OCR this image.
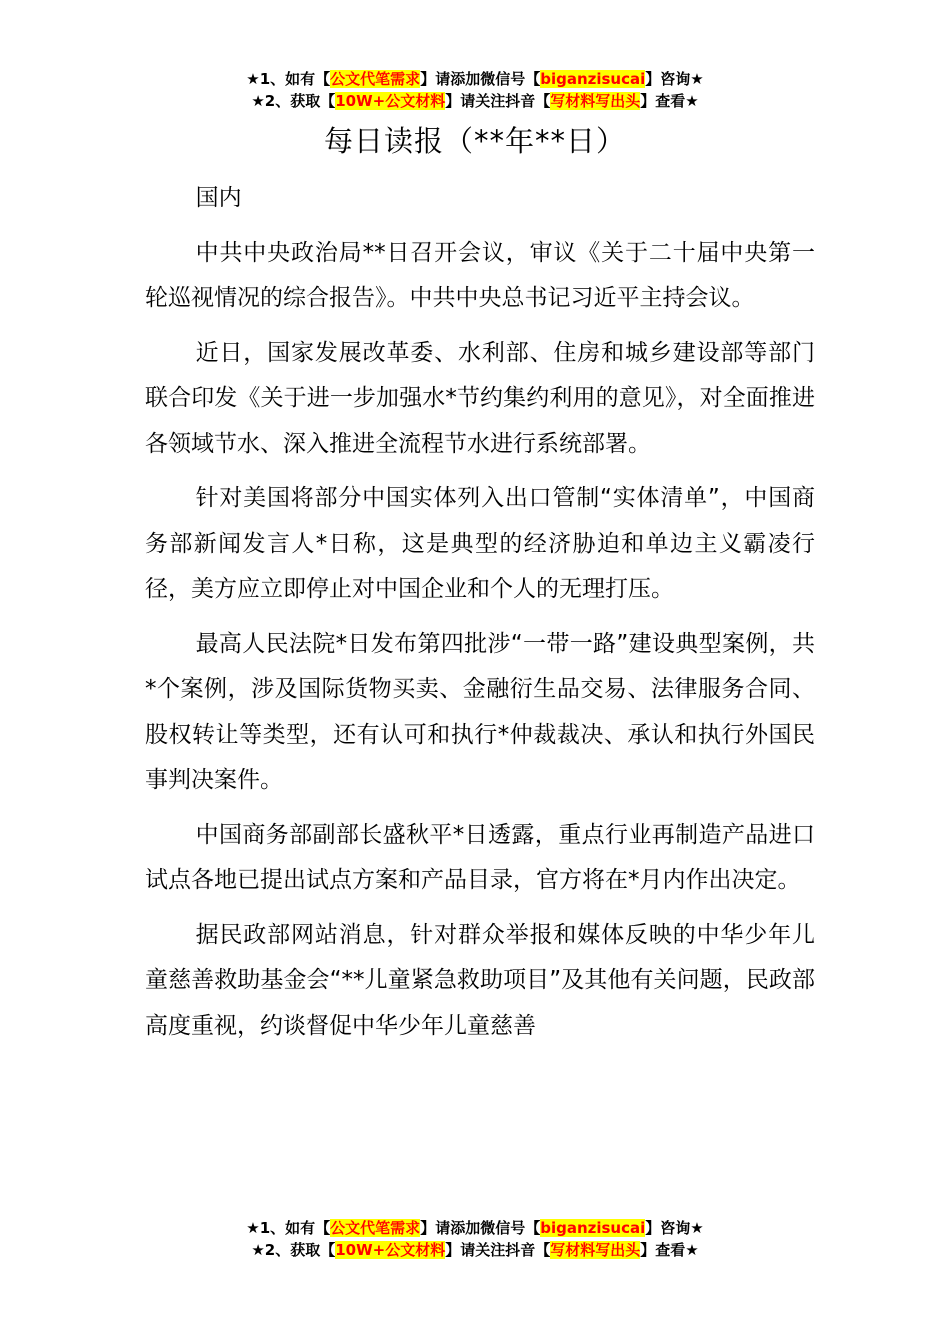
★1、如有【公文代笔需求】请添加微信号【biganzisucai】咨询★
★2、获取【10W+公文材料】请关注抖音【写材料写出头】查看★
每日读报（**年**日）

国内

中共中央政治局**日召开会议，审议《关于二十届中央第一轮巡视情况的综合报告》。中共中央总书记习近平主持会议。

近日，国家发展改革委、水利部、住房和城乡建设部等部门联合印发《关于进一步加强水*节约集约利用的意见》，对全面推进各领域节水、深入推进全流程节水进行系统部署。

针对美国将部分中国实体列入出口管制“实体清单”，中国商务部新闻发言人*日称，这是典型的经济胁迫和单边主义霸凌行径，美方应立即停止对中国企业和个人的无理打压。

最高人民法院*日发布第四批涉“一带一路”建设典型案例，共*个案例，涉及国际货物买卖、金融衍生品交易、法律服务合同、股权转让等类型，还有认可和执行*仲裁裁决、承认和执行外国民事判决案件。

中国商务部副部长盛秋平*日透露，重点行业再制造产品进口试点各地已提出试点方案和产品目录，官方将在*月内作出决定。

据民政部网站消息，针对群众举报和媒体反映的中华少年儿童慈善救助基金会“**儿童紧急救助项目”及其他有关问题，民政部高度重视，约谈督促中华少年儿童慈善

★1、如有【公文代笔需求】请添加微信号【biganzisucai】咨询★
★2、获取【10W+公文材料】请关注抖音【写材料写出头】查看★
